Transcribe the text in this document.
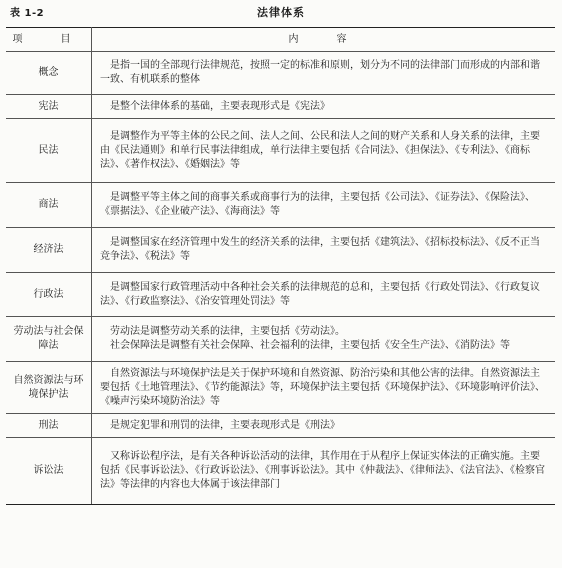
表 1-2	法律体系
项　目	内　容
概念	是指一国的全部现行法律规范，按照一定的标准和原则，划分为不同的法律部门而形成的内部和谐一致、有机联系的整体

宪法	是整个法律体系的基础，主要表现形式是《宪法》

民法	是调整作为平等主体的公民之间、法人之间、公民和法人之间的财产关系和人身关系的法律，主要由《民法通则》和单行民事法律组成，单行法律主要包括《合同法》、《担保法》、《专利法》、《商标法》、《著作权法》、《婚姻法》等

商法	是调整平等主体之间的商事关系或商事行为的法律，主要包括《公司法》、《证券法》、《保险法》、《票据法》、《企业破产法》、《海商法》等

经济法	是调整国家在经济管理中发生的经济关系的法律，主要包括《建筑法》、《招标投标法》、《反不正当竞争法》、《税法》等

行政法	是调整国家行政管理活动中各种社会关系的法律规范的总和，主要包括《行政处罚法》、《行政复议法》、《行政监察法》、《治安管理处罚法》等

劳动法与社会保障法	劳动法是调整劳动关系的法律，主要包括《劳动法》。
社会保障法是调整有关社会保障、社会福利的法律，主要包括《安全生产法》、《消防法》等

自然资源法与环境保护法	自然资源法与环境保护法是关于保护环境和自然资源、防治污染和其他公害的法律。自然资源法主要包括《土地管理法》、《节约能源法》等，环境保护法主要包括《环境保护法》、《环境影响评价法》、《噪声污染环境防治法》等

刑法	是规定犯罪和刑罚的法律，主要表现形式是《刑法》

诉讼法	又称诉讼程序法，是有关各种诉讼活动的法律，其作用在于从程序上保证实体法的正确实施。主要包括《民事诉讼法》、《行政诉讼法》、《刑事诉讼法》。其中《仲裁法》、《律师法》、《法官法》、《检察官法》等法律的内容也大体属于该法律部门
